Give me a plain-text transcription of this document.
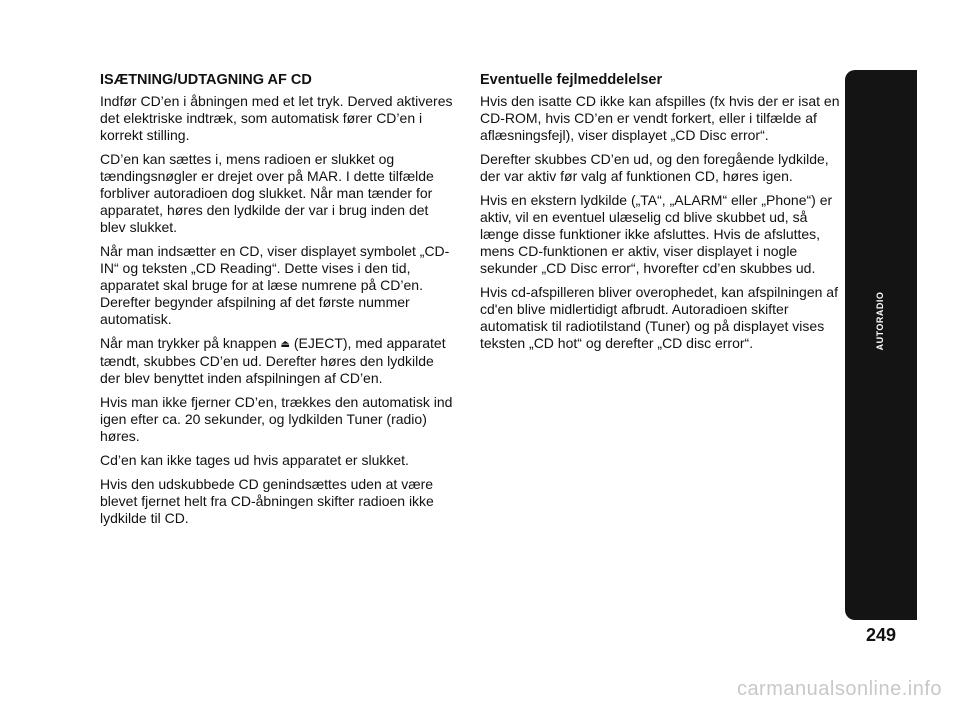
ISÆTNING/UDTAGNING AF CD

Indfør CD’en i åbningen med et let tryk. Derved aktiveres det elektriske indtræk, som automatisk fører CD’en i korrekt stilling.

CD’en kan sættes i, mens radioen er slukket og tændingsnøgler er drejet over på MAR. I dette tilfælde forbliver autoradioen dog slukket. Når man tænder for apparatet, høres den lydkilde der var i brug inden det blev slukket.

Når man indsætter en CD, viser displayet symbolet „CD-IN“ og teksten „CD Reading“. Dette vises i den tid, apparatet skal bruge for at læse numrene på CD’en. Derefter begynder afspilning af det første nummer automatisk.

Når man trykker på knappen ⏏ (EJECT), med apparatet tændt, skubbes CD’en ud. Derefter høres den lydkilde der blev benyttet inden afspilningen af CD’en.

Hvis man ikke fjerner CD’en, trækkes den automatisk ind igen efter ca. 20 sekunder, og lydkilden Tuner (radio) høres.

Cd’en kan ikke tages ud hvis apparatet er slukket.

Hvis den udskubbede CD genindsættes uden at være blevet fjernet helt fra CD-åbningen skifter radioen ikke lydkilde til CD.

Eventuelle fejlmeddelelser

Hvis den isatte CD ikke kan afspilles (fx hvis der er isat en CD-ROM, hvis CD’en er vendt forkert, eller i tilfælde af aflæsningsfejl), viser displayet „CD Disc error“.

Derefter skubbes CD’en ud, og den foregående lydkilde, der var aktiv før valg af funktionen CD, høres igen.

Hvis en ekstern lydkilde („TA“, „ALARM“ eller „Phone“) er aktiv, vil en eventuel ulæselig cd blive skubbet ud, så længe disse funktioner ikke afsluttes. Hvis de afsluttes, mens CD-funktionen er aktiv, viser displayet i nogle sekunder „CD Disc error“, hvorefter cd’en skubbes ud.

Hvis cd-afspilleren bliver overophedet, kan afspilningen af cd'en blive midlertidigt afbrudt. Autoradioen skifter automatisk til radiotilstand (Tuner) og på displayet vises teksten „CD hot“ og derefter „CD disc error“.	AUTORADIO
249
carmanualsonline.info
